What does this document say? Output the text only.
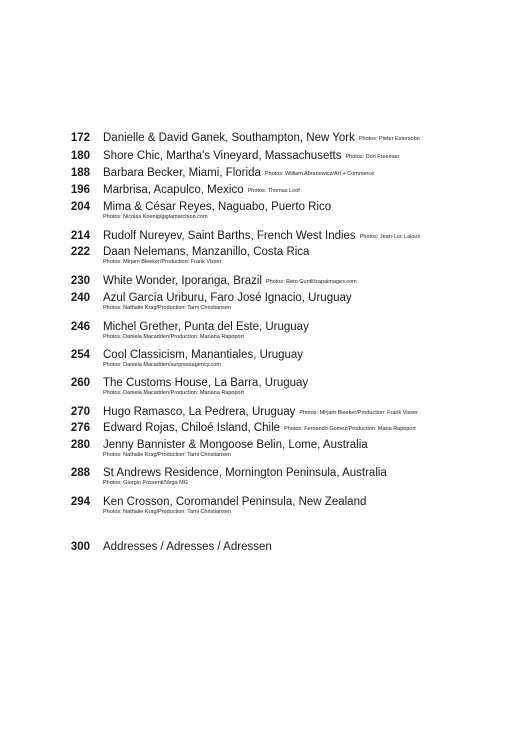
172 Danielle & David Ganek, Southampton, New York Photos: Pieter Estersohn
180 Shore Chic, Martha's Vineyard, Massachusetts Photos: Don Freeman
188 Barbara Becker, Miami, Florida Photos: William Abranowicz/Art + Commerce
196 Marbrisa, Acapulco, Mexico Photos: Thomas Loof
204 Mima & César Reyes, Naguabo, Puerto Rico
Photos: Nicolas Koenig/gigiamarchiori.com
214 Rudolf Nureyev, Saint Barths, French West Indies Photos: Jean-Luc Laloux
222 Daan Nelemans, Manzanillo, Costa Rica
Photos: Mirjam Bleeker/Production: Frank Visser
230 White Wonder, Iporanga, Brazil Photos: Reto Guntli/zapaimages.com
240 Azul García Uriburu, Faro José Ignacio, Uruguay
Photos: Nathalie Krag/Production: Tami Christiansen
246 Michel Grether, Punta del Este, Uruguay
Photos: Daniela Macadden/Production: Mariana Rapoport
254 Cool Classicism, Manantiales, Uruguay
Photos: Daniela Macadden/surpressagency.com
260 The Customs House, La Barra, Uruguay
Photos: Daniela Macadden/Production: Mariana Rapoport
270 Hugo Ramasco, La Pedrera, Uruguay Photos: Mirjam Bleeker/Production: Frank Visser
276 Edward Rojas, Chiloé Island, Chile Photos: Fernando Gomez/Production: Maria Rapoport
280 Jenny Bannister & Mongoose Belin, Lome, Australia
Photos: Nathalie Krag/Production: Tami Christiansen
288 St Andrews Residence, Mornington Peninsula, Australia
Photos: Giorgio Possenti/Vega MG
294 Ken Crosson, Coromandel Peninsula, New Zealand
Photos: Nathalie Krag/Production: Tami Christiansen
300 Addresses / Adresses / Adressen
